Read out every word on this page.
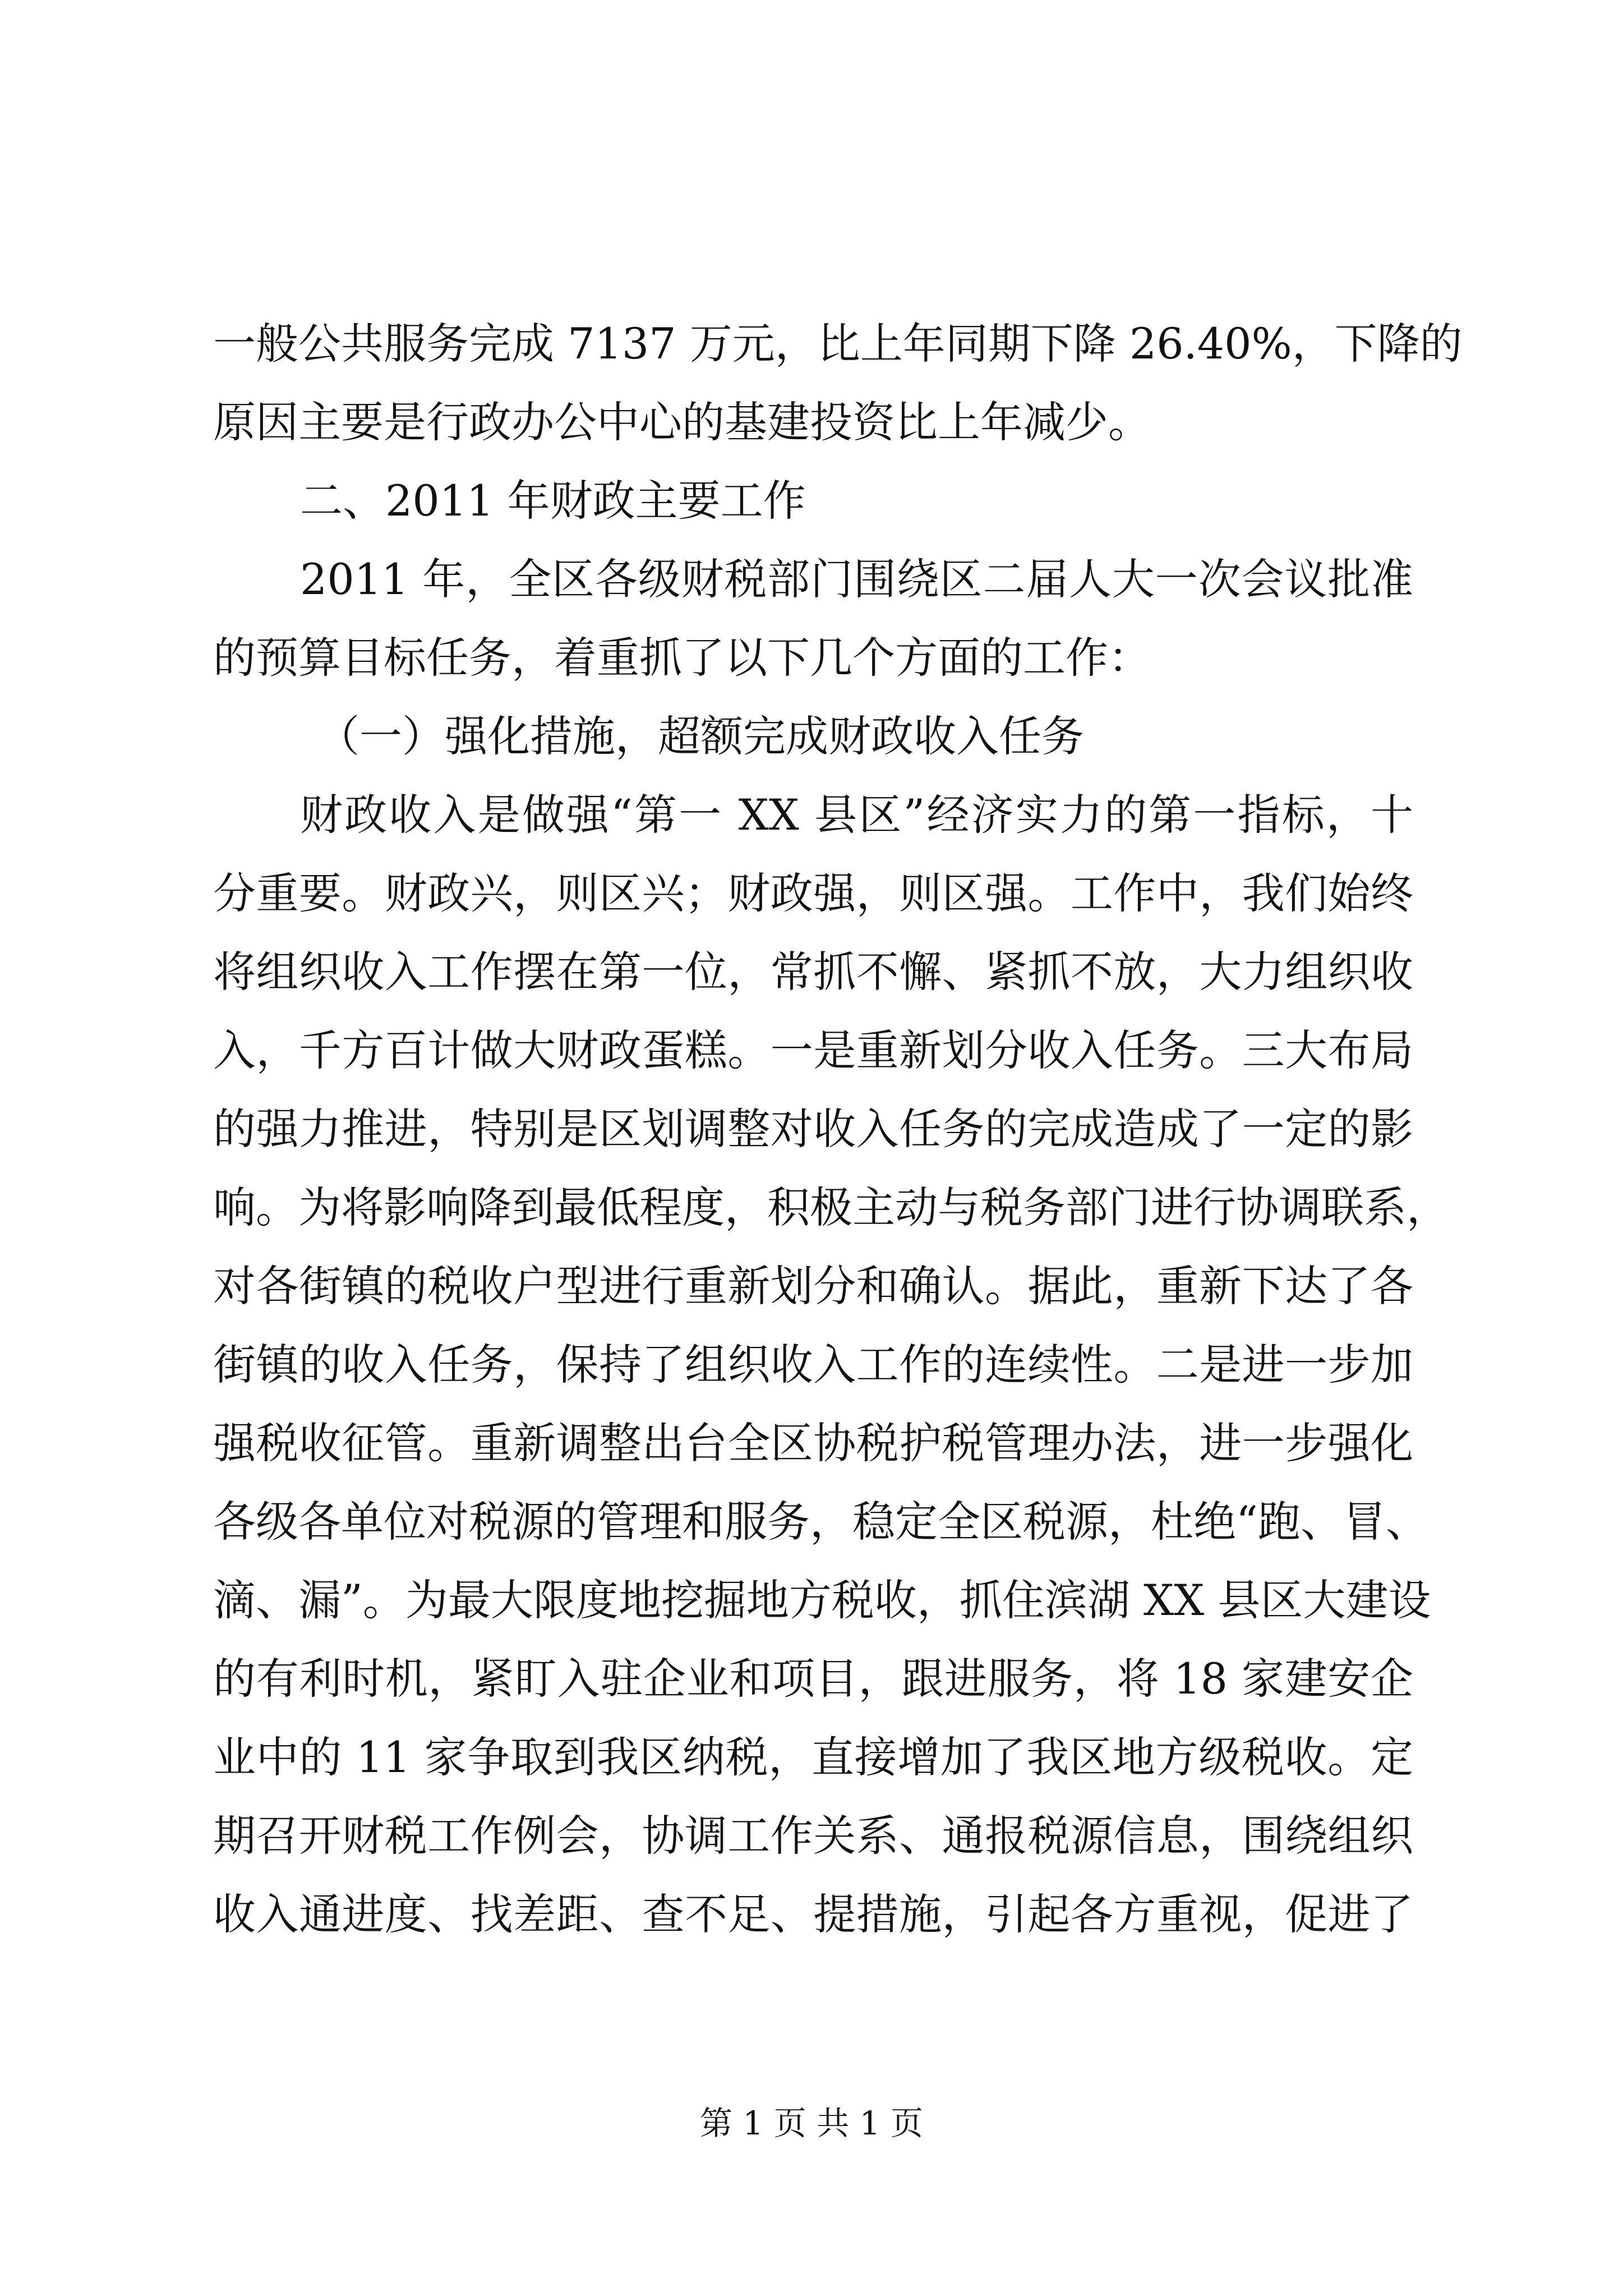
一般公共服务完成 7137 万元，比上年同期下降 26.40%，下降的
原因主要是行政办公中心的基建投资比上年减少。
二、2011 年财政主要工作
2011 年，全区各级财税部门围绕区二届人大一次会议批准
的预算目标任务，着重抓了以下几个方面的工作：
（一）强化措施，超额完成财政收入任务
财政收入是做强“第一 XX 县区”经济实力的第一指标，十
分重要。财政兴，则区兴；财政强，则区强。工作中，我们始终
将组织收入工作摆在第一位，常抓不懈、紧抓不放，大力组织收
入，千方百计做大财政蛋糕。一是重新划分收入任务。三大布局
的强力推进，特别是区划调整对收入任务的完成造成了一定的影
响。为将影响降到最低程度，积极主动与税务部门进行协调联系，
对各街镇的税收户型进行重新划分和确认。据此，重新下达了各
街镇的收入任务，保持了组织收入工作的连续性。二是进一步加
强税收征管。重新调整出台全区协税护税管理办法，进一步强化
各级各单位对税源的管理和服务，稳定全区税源，杜绝“跑、冒、
滴、漏”。为最大限度地挖掘地方税收，抓住滨湖 XX 县区大建设
的有利时机，紧盯入驻企业和项目，跟进服务，将 18 家建安企
业中的 11 家争取到我区纳税，直接增加了我区地方级税收。定
期召开财税工作例会，协调工作关系、通报税源信息，围绕组织
收入通进度、找差距、查不足、提措施，引起各方重视，促进了
第 1 页 共 1 页
